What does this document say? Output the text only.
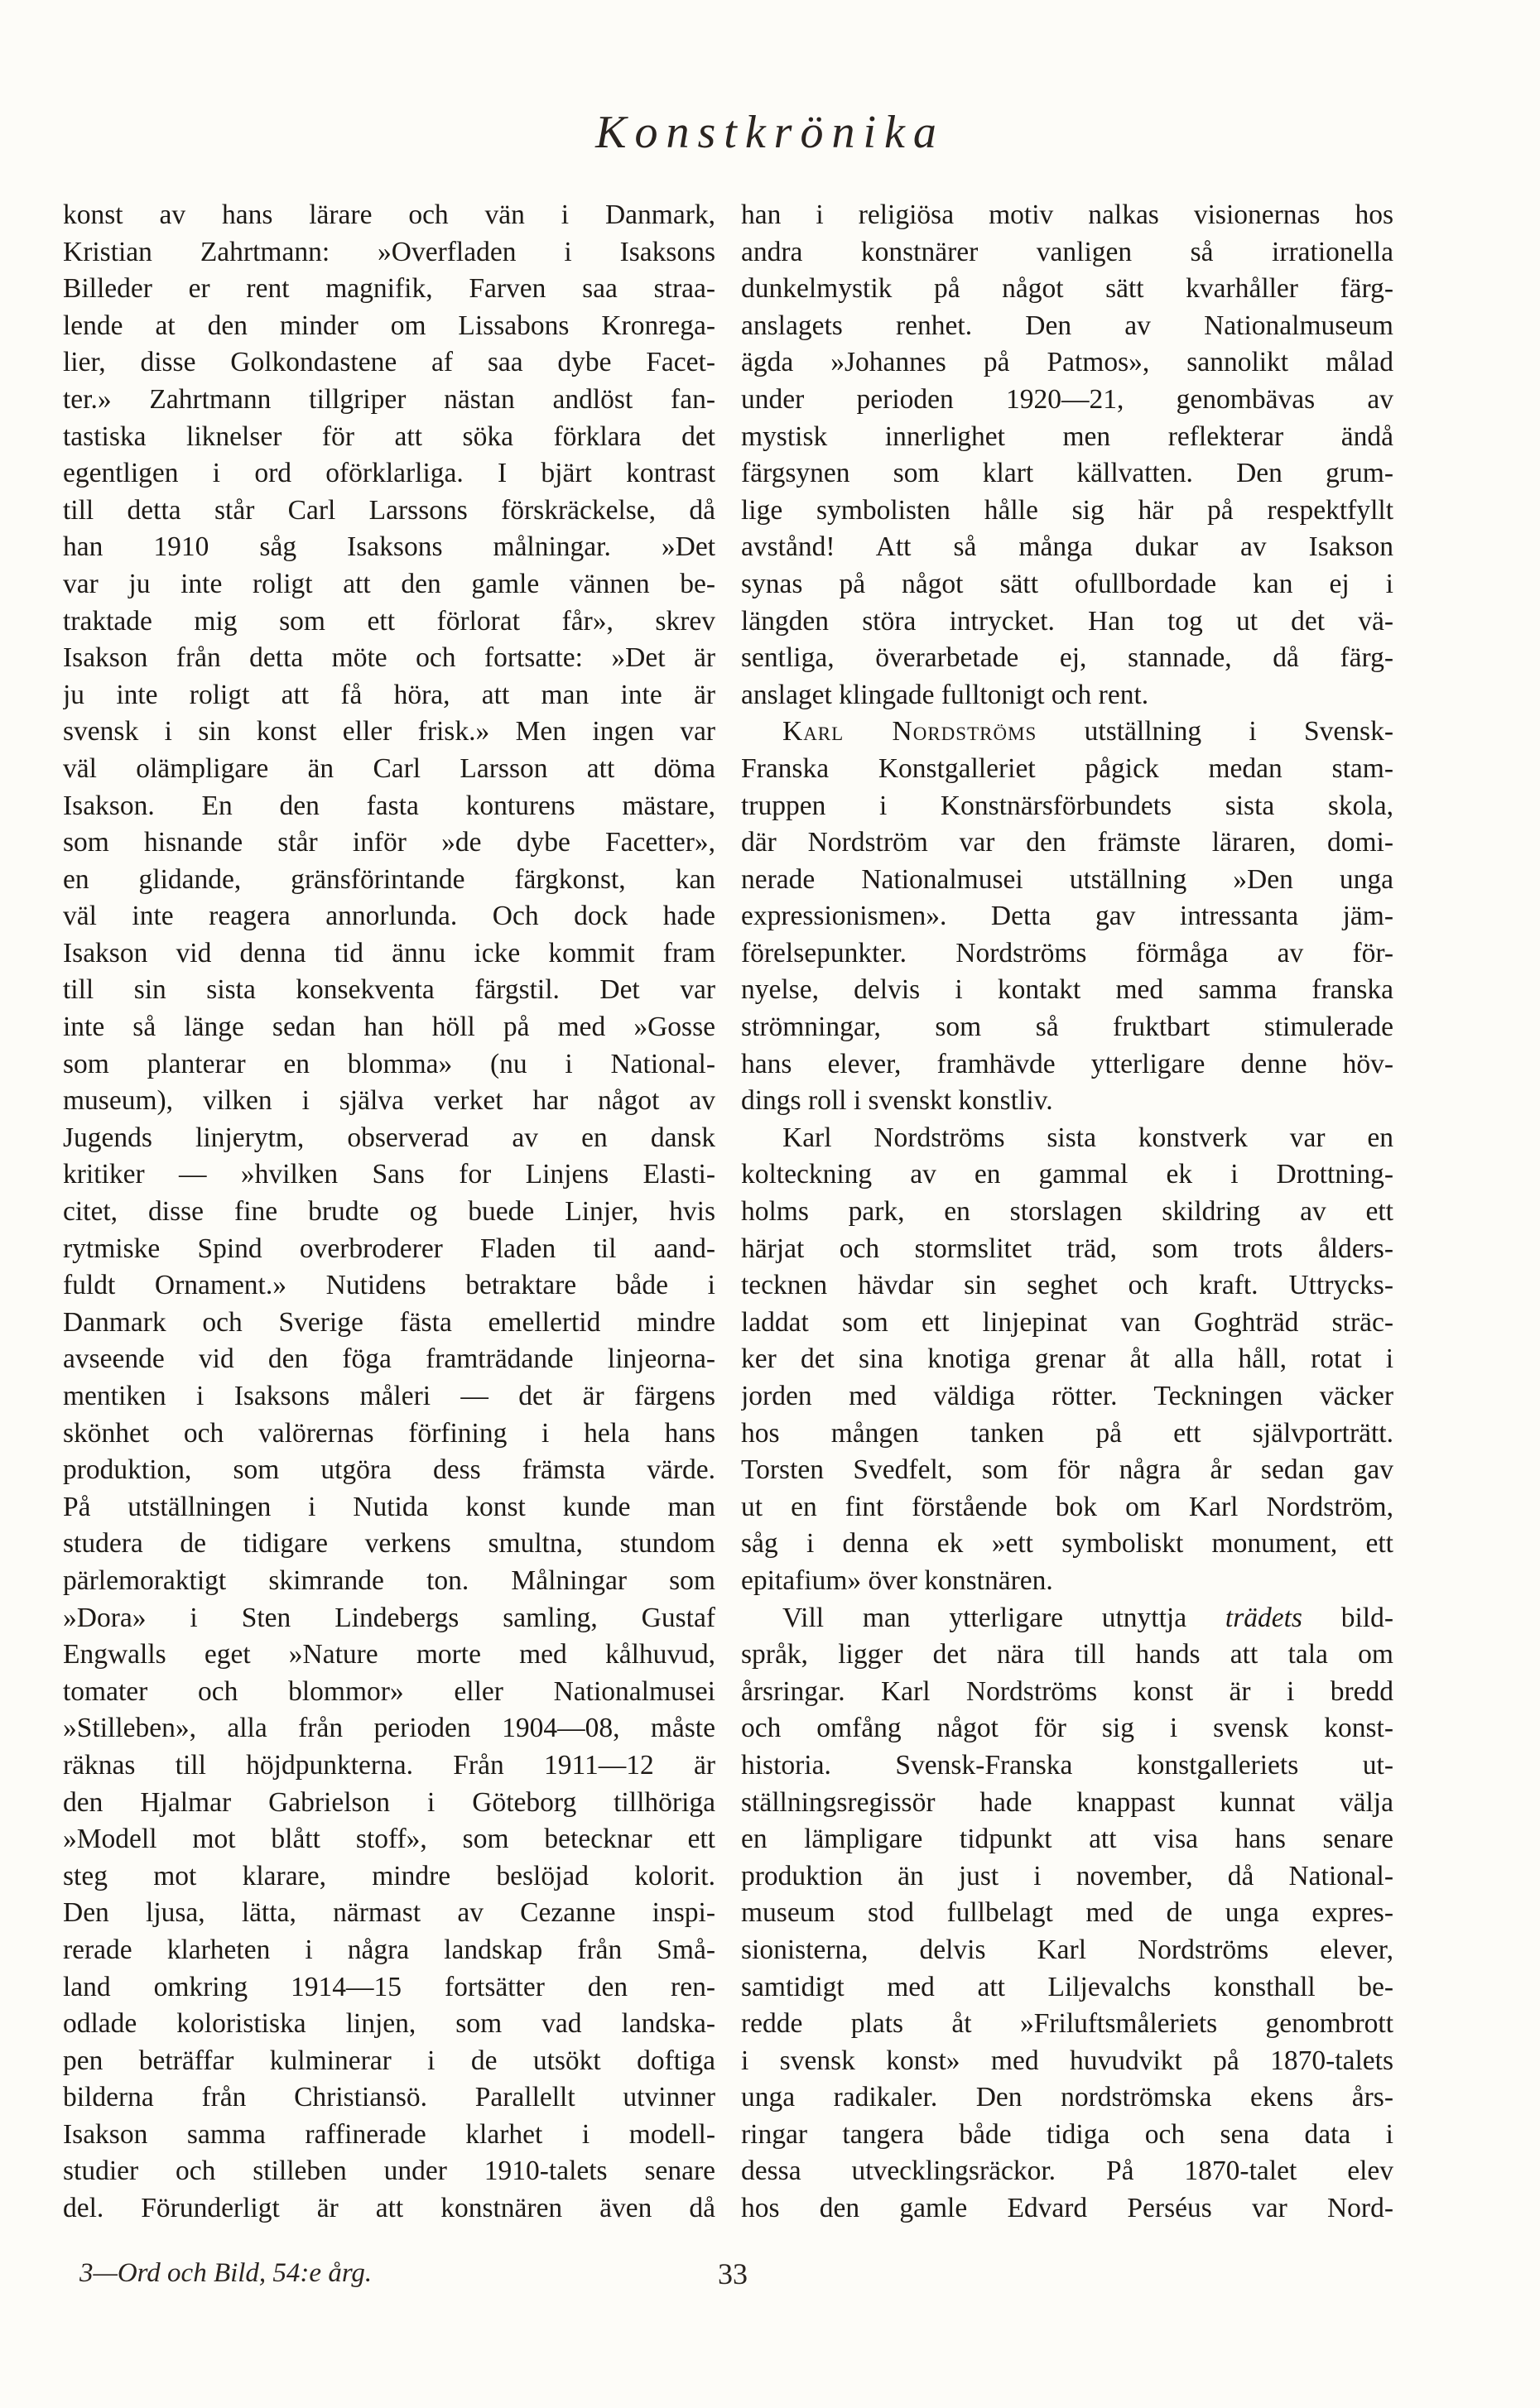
Konstkrönika
konst av hans lärare och vän i Danmark,
Kristian Zahrtmann: »Overfladen i Isaksons
Billeder er rent magnifik, Farven saa straa-
lende at den minder om Lissabons Kronrega-
lier, disse Golkondastene af saa dybe Facet-
ter.» Zahrtmann tillgriper nästan andlöst fan-
tastiska liknelser för att söka förklara det
egentligen i ord oförklarliga. I bjärt kontrast
till detta står Carl Larssons förskräckelse, då
han 1910 såg Isaksons målningar. »Det
var ju inte roligt att den gamle vännen be-
traktade mig som ett förlorat får», skrev
Isakson från detta möte och fortsatte: »Det är
ju inte roligt att få höra, att man inte är
svensk i sin konst eller frisk.» Men ingen var
väl olämpligare än Carl Larsson att döma
Isakson. En den fasta konturens mästare,
som hisnande står inför »de dybe Facetter»,
en glidande, gränsförintande färgkonst, kan
väl inte reagera annorlunda. Och dock hade
Isakson vid denna tid ännu icke kommit fram
till sin sista konsekventa färgstil. Det var
inte så länge sedan han höll på med »Gosse
som planterar en blomma» (nu i National-
museum), vilken i själva verket har något av
Jugends linjerytm, observerad av en dansk
kritiker — »hvilken Sans for Linjens Elasti-
citet, disse fine brudte og buede Linjer, hvis
rytmiske Spind overbroderer Fladen til aand-
fuldt Ornament.» Nutidens betraktare både i
Danmark och Sverige fästa emellertid mindre
avseende vid den föga framträdande linjeorna-
mentiken i Isaksons måleri — det är färgens
skönhet och valörernas förfining i hela hans
produktion, som utgöra dess främsta värde.
På utställningen i Nutida konst kunde man
studera de tidigare verkens smultna, stundom
pärlemoraktigt skimrande ton. Målningar som
»Dora» i Sten Lindebergs samling, Gustaf
Engwalls eget »Nature morte med kålhuvud,
tomater och blommor» eller Nationalmusei
»Stilleben», alla från perioden 1904—08, måste
räknas till höjdpunkterna. Från 1911—12 är
den Hjalmar Gabrielson i Göteborg tillhöriga
»Modell mot blått stoff», som betecknar ett
steg mot klarare, mindre beslöjad kolorit.
Den ljusa, lätta, närmast av Cezanne inspi-
rerade klarheten i några landskap från Små-
land omkring 1914—15 fortsätter den ren-
odlade koloristiska linjen, som vad landska-
pen beträffar kulminerar i de utsökt doftiga
bilderna från Christiansö. Parallellt utvinner
Isakson samma raffinerade klarhet i modell-
studier och stilleben under 1910-talets senare
del. Förunderligt är att konstnären även då
han i religiösa motiv nalkas visionernas hos
andra konstnärer vanligen så irrationella
dunkelmystik på något sätt kvarhåller färg-
anslagets renhet. Den av Nationalmuseum
ägda »Johannes på Patmos», sannolikt målad
under perioden 1920—21, genombävas av
mystisk innerlighet men reflekterar ändå
färgsynen som klart källvatten. Den grum-
lige symbolisten hålle sig här på respektfyllt
avstånd! Att så många dukar av Isakson
synas på något sätt ofullbordade kan ej i
längden störa intrycket. Han tog ut det vä-
sentliga, överarbetade ej, stannade, då färg-
anslaget klingade fulltonigt och rent.
Karl Nordströms utställning i Svensk-
Franska Konstgalleriet pågick medan stam-
truppen i Konstnärsförbundets sista skola,
där Nordström var den främste läraren, domi-
nerade Nationalmusei utställning »Den unga
expressionismen». Detta gav intressanta jäm-
förelsepunkter. Nordströms förmåga av för-
nyelse, delvis i kontakt med samma franska
strömningar, som så fruktbart stimulerade
hans elever, framhävde ytterligare denne höv-
dings roll i svenskt konstliv.
Karl Nordströms sista konstverk var en
kolteckning av en gammal ek i Drottning-
holms park, en storslagen skildring av ett
härjat och stormslitet träd, som trots ålders-
tecknen hävdar sin seghet och kraft. Uttrycks-
laddat som ett linjepinat van Goghträd sträc-
ker det sina knotiga grenar åt alla håll, rotat i
jorden med väldiga rötter. Teckningen väcker
hos mången tanken på ett självporträtt.
Torsten Svedfelt, som för några år sedan gav
ut en fint förstående bok om Karl Nordström,
såg i denna ek »ett symboliskt monument, ett
epitafium» över konstnären.
Vill man ytterligare utnyttja trädets bild-
språk, ligger det nära till hands att tala om
årsringar. Karl Nordströms konst är i bredd
och omfång något för sig i svensk konst-
historia. Svensk-Franska konstgalleriets ut-
ställningsregissör hade knappast kunnat välja
en lämpligare tidpunkt att visa hans senare
produktion än just i november, då National-
museum stod fullbelagt med de unga expres-
sionisterna, delvis Karl Nordströms elever,
samtidigt med att Liljevalchs konsthall be-
redde plats åt »Friluftsmåleriets genombrott
i svensk konst» med huvudvikt på 1870-talets
unga radikaler. Den nordströmska ekens års-
ringar tangera både tidiga och sena data i
dessa utvecklingsräckor. På 1870-talet elev
hos den gamle Edvard Perséus var Nord-
3—Ord och Bild, 54:e årg.	33
